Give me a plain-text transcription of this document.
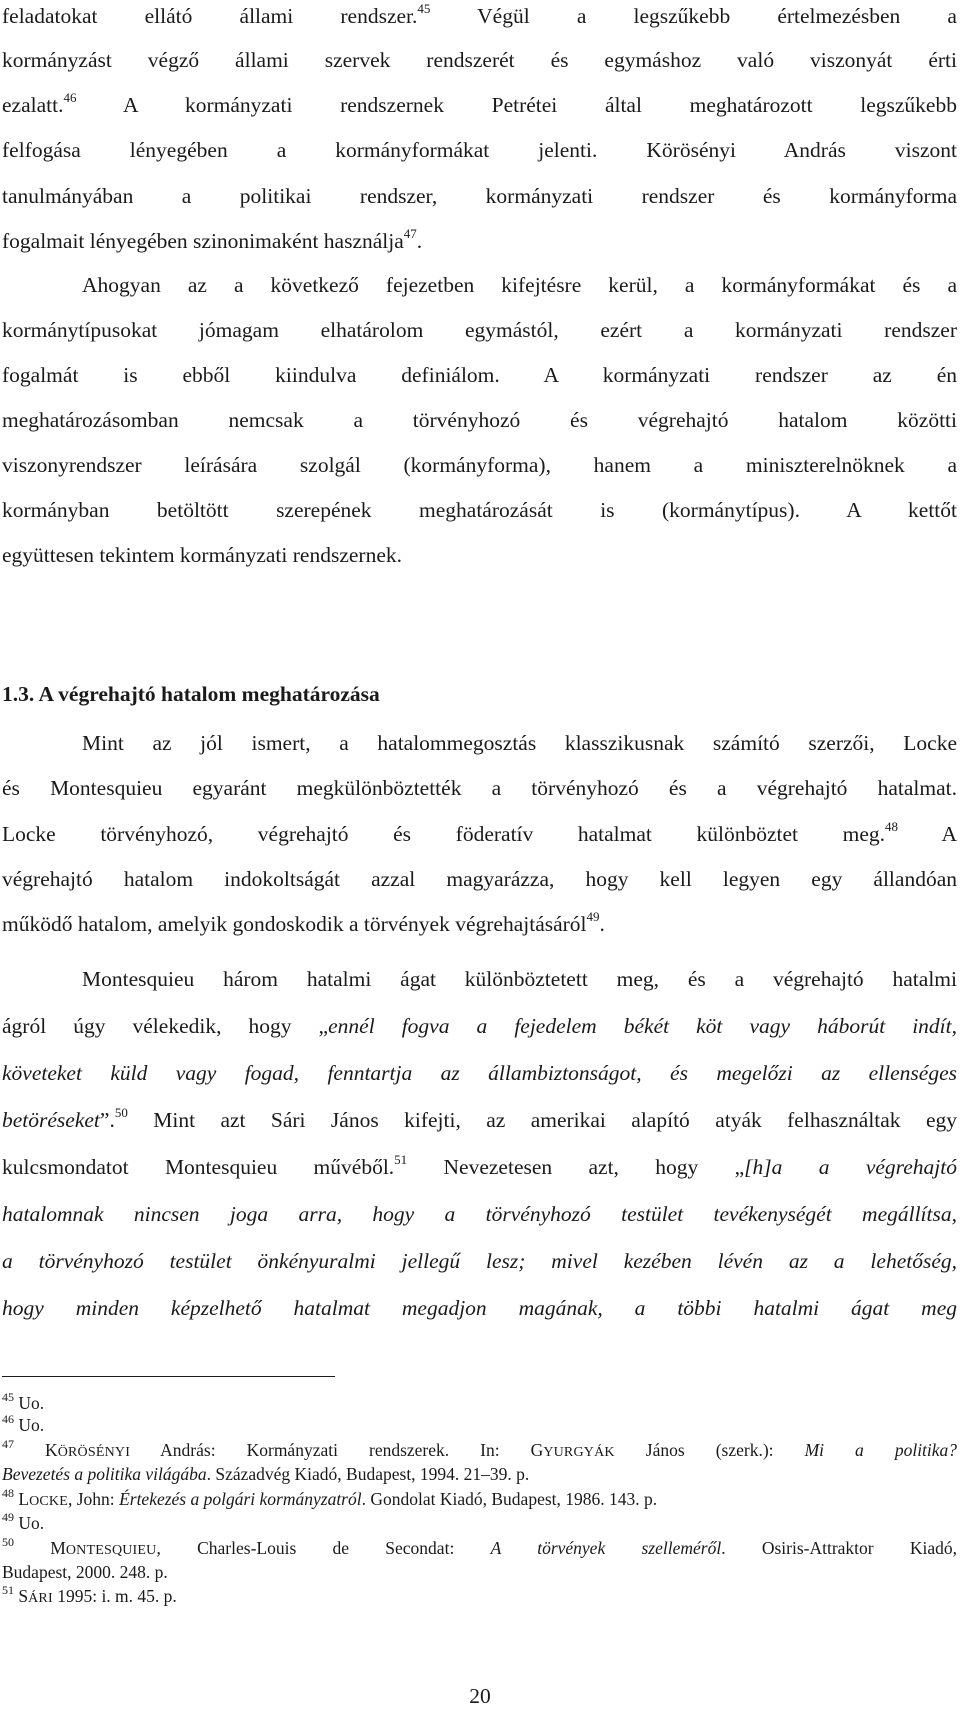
feladatokat ellátó állami rendszer.$^{45}$ Végül a legszűkebb értelmezésben a
kormányzást végző állami szervek rendszerét és egymáshoz való viszonyát érti
ezalatt.$^{46}$ A kormányzati rendszernek Petrétei által meghatározott legszűkebb
felfogása lényegében a kormányformákat jelenti. Körösényi András viszont
tanulmányában a politikai rendszer, kormányzati rendszer és kormányforma
fogalmait lényegében szinonimaként használja$^{47}$.
Ahogyan az a következő fejezetben kifejtésre kerül, a kormányformákat és a
kormánytípusokat jómagam elhatárolom egymástól, ezért a kormányzati rendszer
fogalmát is ebből kiindulva definiálom. A kormányzati rendszer az én
meghatározásomban nemcsak a törvényhozó és végrehajtó hatalom közötti
viszonyrendszer leírására szolgál (kormányforma), hanem a miniszterelnöknek a
kormányban betöltött szerepének meghatározását is (kormánytípus). A kettőt
együttesen tekintem kormányzati rendszernek.
1.3. A végrehajtó hatalom meghatározása
Mint az jól ismert, a hatalommegosztás klasszikusnak számító szerzői, Locke
és Montesquieu egyaránt megkülönböztették a törvényhozó és a végrehajtó hatalmat.
Locke törvényhozó, végrehajtó és föderatív hatalmat különböztet meg.$^{48}$ A
végrehajtó hatalom indokoltságát azzal magyarázza, hogy kell legyen egy állandóan
működő hatalom, amelyik gondoskodik a törvények végrehajtásáról$^{49}$.
Montesquieu három hatalmi ágat különböztetett meg, és a végrehajtó hatalmi
ágról úgy vélekedik, hogy „ennél fogva a fejedelem békét köt vagy háborút indít,
követeket küld vagy fogad, fenntartja az állambiztonságot, és megelőzi az ellenséges
betöréseket”.$^{50}$ Mint azt Sári János kifejti, az amerikai alapító atyák felhasználtak egy
kulcsmondatot Montesquieu művéből.$^{51}$ Nevezetesen azt, hogy „[h]a a végrehajtó
hatalomnak nincsen joga arra, hogy a törvényhozó testület tevékenységét megállítsa,
a törvényhozó testület önkényuralmi jellegű lesz; mivel kezében lévén az a lehetőség,
hogy minden képzelhető hatalmat megadjon magának, a többi hatalmi ágat meg
$^{45}$ Uo.
$^{46}$ Uo.
$^{47}$ KÖRÖSÉNYI András: Kormányzati rendszerek. In: GYURGYÁK János (szerk.): Mi a politika?
Bevezetés a politika világába. Századvég Kiadó, Budapest, 1994. 21–39. p.
$^{48}$ LOCKE, John: Értekezés a polgári kormányzatról. Gondolat Kiadó, Budapest, 1986. 143. p.
$^{49}$ Uo.
$^{50}$ MONTESQUIEU, Charles-Louis de Secondat: A törvények szelleméről. Osiris-Attraktor Kiadó,
Budapest, 2000. 248. p.
$^{51}$ SÁRI 1995: i. m. 45. p.
20
